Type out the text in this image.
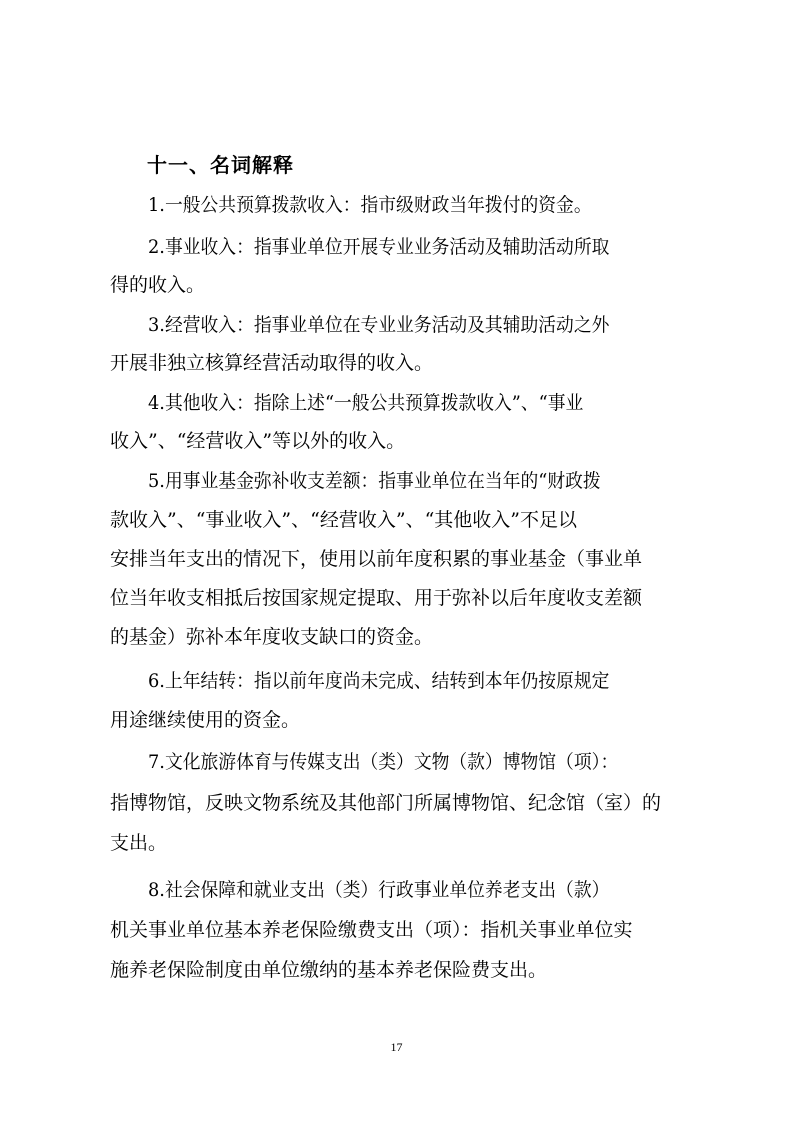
十一、名词解释
1.一般公共预算拨款收入：指市级财政当年拨付的资金。
2.事业收入：指事业单位开展专业业务活动及辅助活动所取
得的收入。
3.经营收入：指事业单位在专业业务活动及其辅助活动之外
开展非独立核算经营活动取得的收入。
4.其他收入：指除上述“一般公共预算拨款收入”、“事业
收入”、“经营收入”等以外的收入。
5.用事业基金弥补收支差额：指事业单位在当年的“财政拨
款收入”、“事业收入”、“经营收入”、“其他收入”不足以
安排当年支出的情况下，使用以前年度积累的事业基金（事业单
位当年收支相抵后按国家规定提取、用于弥补以后年度收支差额
的基金）弥补本年度收支缺口的资金。
6.上年结转：指以前年度尚未完成、结转到本年仍按原规定
用途继续使用的资金。
7.文化旅游体育与传媒支出（类）文物（款）博物馆（项）：
指博物馆，反映文物系统及其他部门所属博物馆、纪念馆（室）的
支出。
8.社会保障和就业支出（类）行政事业单位养老支出（款）
机关事业单位基本养老保险缴费支出（项）：指机关事业单位实
施养老保险制度由单位缴纳的基本养老保险费支出。
17
